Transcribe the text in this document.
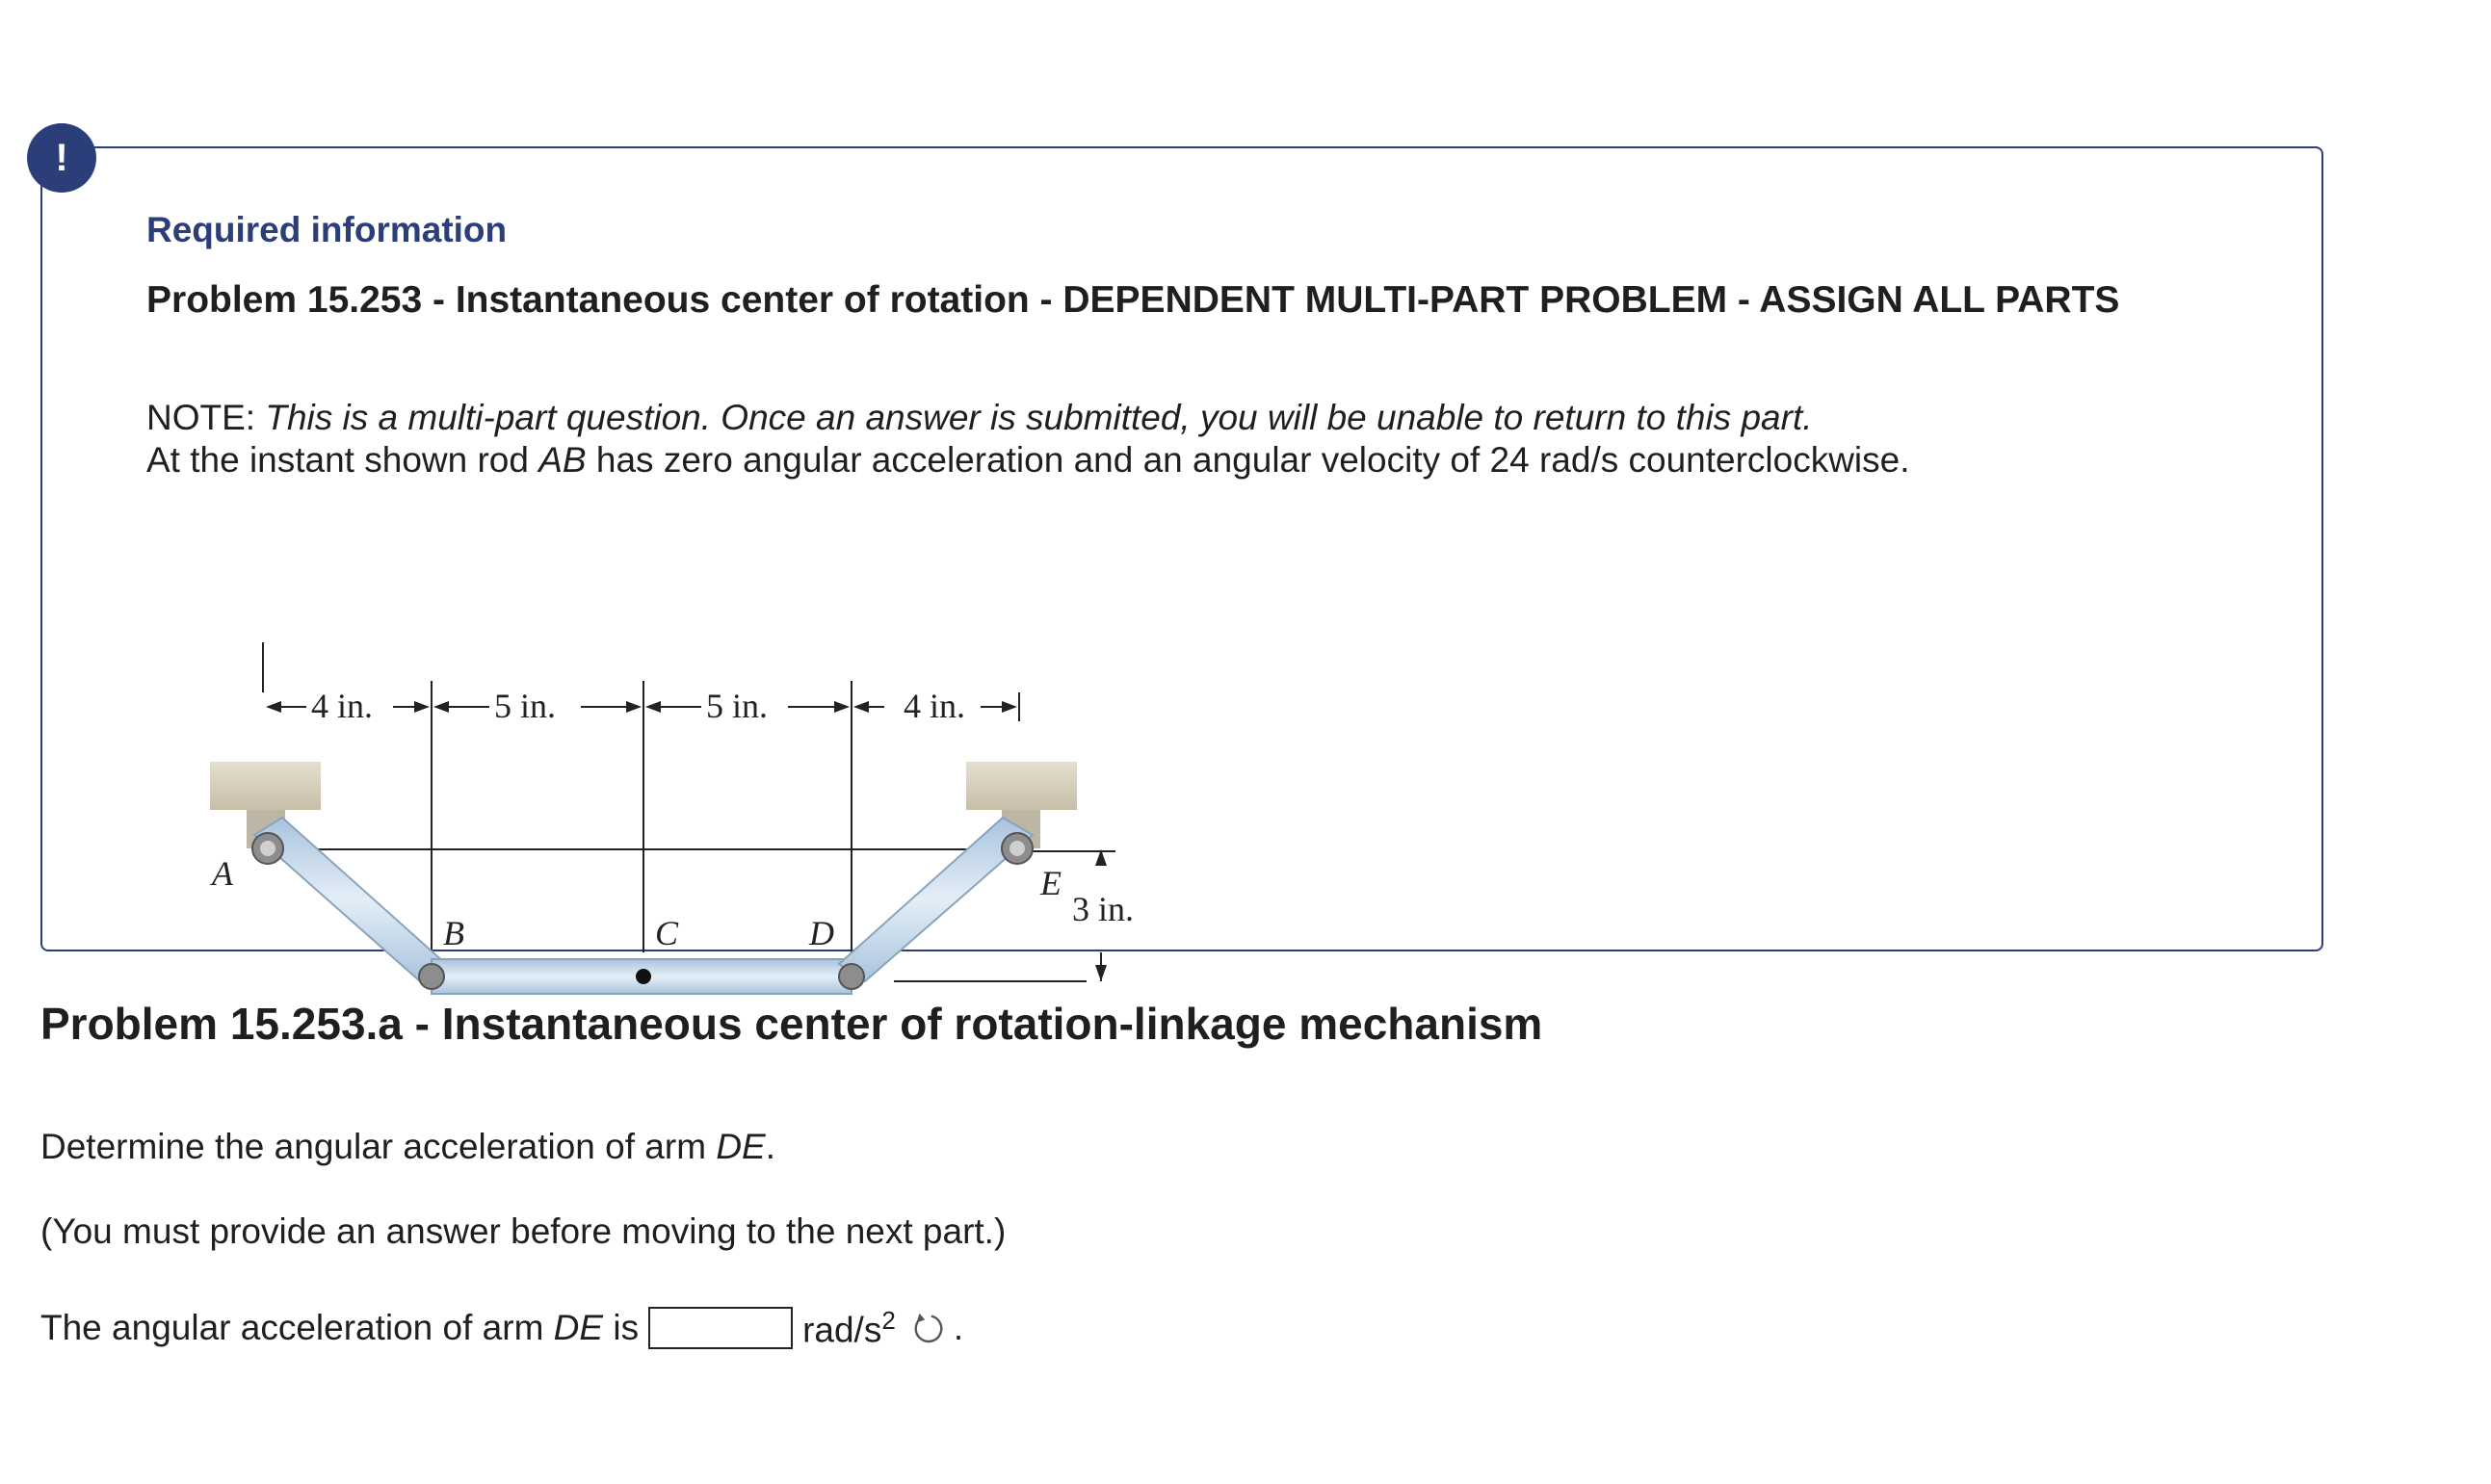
!
Required information
Problem 15.253 - Instantaneous center of rotation - DEPENDENT MULTI-PART PROBLEM - ASSIGN ALL PARTS
NOTE: This is a multi-part question. Once an answer is submitted, you will be unable to return to this part.
At the instant shown rod AB has zero angular acceleration and an angular velocity of 24 rad/s counterclockwise.
4 in.	5 in.	5 in.	4 in.
3 in.
A
B	C	D
E
Problem 15.253.a - Instantaneous center of rotation-linkage mechanism
Determine the angular acceleration of arm DE.
(You must provide an answer before moving to the next part.)
The angular acceleration of arm DE is	rad/$s^2$ .
